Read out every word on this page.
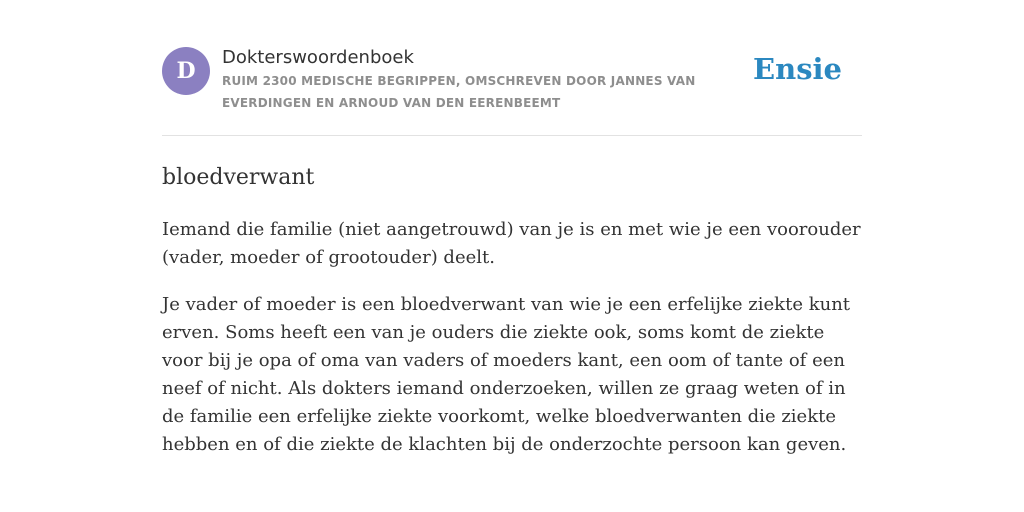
D

Dokterswoordenboek

RUIM 2300 MEDISCHE BEGRIPPEN, OMSCHREVEN DOOR JANNES VAN EVERDINGEN EN ARNOUD VAN DEN EERENBEEMT

Ensie
bloedverwant

Iemand die familie (niet aangetrouwd) van je is en met wie je een voorouder (vader, moeder of grootouder) deelt.

Je vader of moeder is een bloedverwant van wie je een erfelijke ziekte kunt erven. Soms heeft een van je ouders die ziekte ook, soms komt de ziekte voor bij je opa of oma van vaders of moeders kant, een oom of tante of een neef of nicht. Als dokters iemand onderzoeken, willen ze graag weten of in de familie een erfelijke ziekte voorkomt, welke bloedverwanten die ziekte hebben en of die ziekte de klachten bij de onderzochte persoon kan geven.
